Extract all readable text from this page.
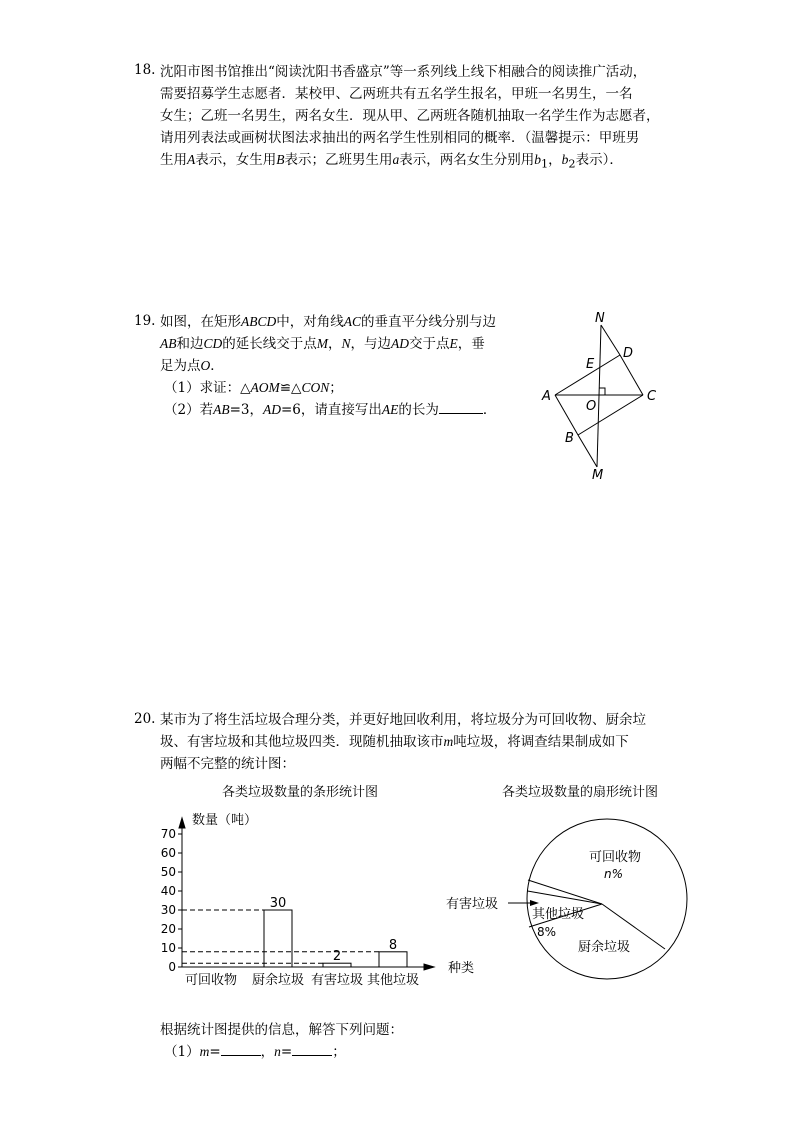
18. 沈阳市图书馆推出“阅读沈阳书香盛京”等一系列线上线下相融合的阅读推广活动，
需要招募学生志愿者．某校甲、乙两班共有五名学生报名，甲班一名男生，一名
女生；乙班一名男生，两名女生．现从甲、乙两班各随机抽取一名学生作为志愿者，
请用列表法或画树状图法求抽出的两名学生性别相同的概率．（温馨提示：甲班男
生用A表示，女生用B表示；乙班男生用a表示，两名女生分别用$b_1$，$b_2$表示）．
19. 如图，在矩形ABCD中，对角线AC的垂直平分线分别与边
AB和边CD的延长线交于点M，N，与边AD交于点E，垂
足为点O．
（1）求证：△AOM≌△CON；
（2）若AB=3，AD=6，请直接写出AE的长为	．
N
D
E
A
O
C
B
M
20. 某市为了将生活垃圾合理分类，并更好地回收利用，将垃圾分为可回收物、厨余垃
圾、有害垃圾和其他垃圾四类．现随机抽取该市m吨垃圾，将调查结果制成如下
两幅不完整的统计图：
各类垃圾数量的条形统计图	各类垃圾数量的扇形统计图
数量（吨）
种类
0
10
20
30
40
50
60
70
30
2
8
可回收物 厨余垃圾 有害垃圾 其他垃圾
有害垃圾
可回收物
n%
厨余垃圾
其他垃圾
8%
根据统计图提供的信息，解答下列问题：
（1）m=	，n=	；
